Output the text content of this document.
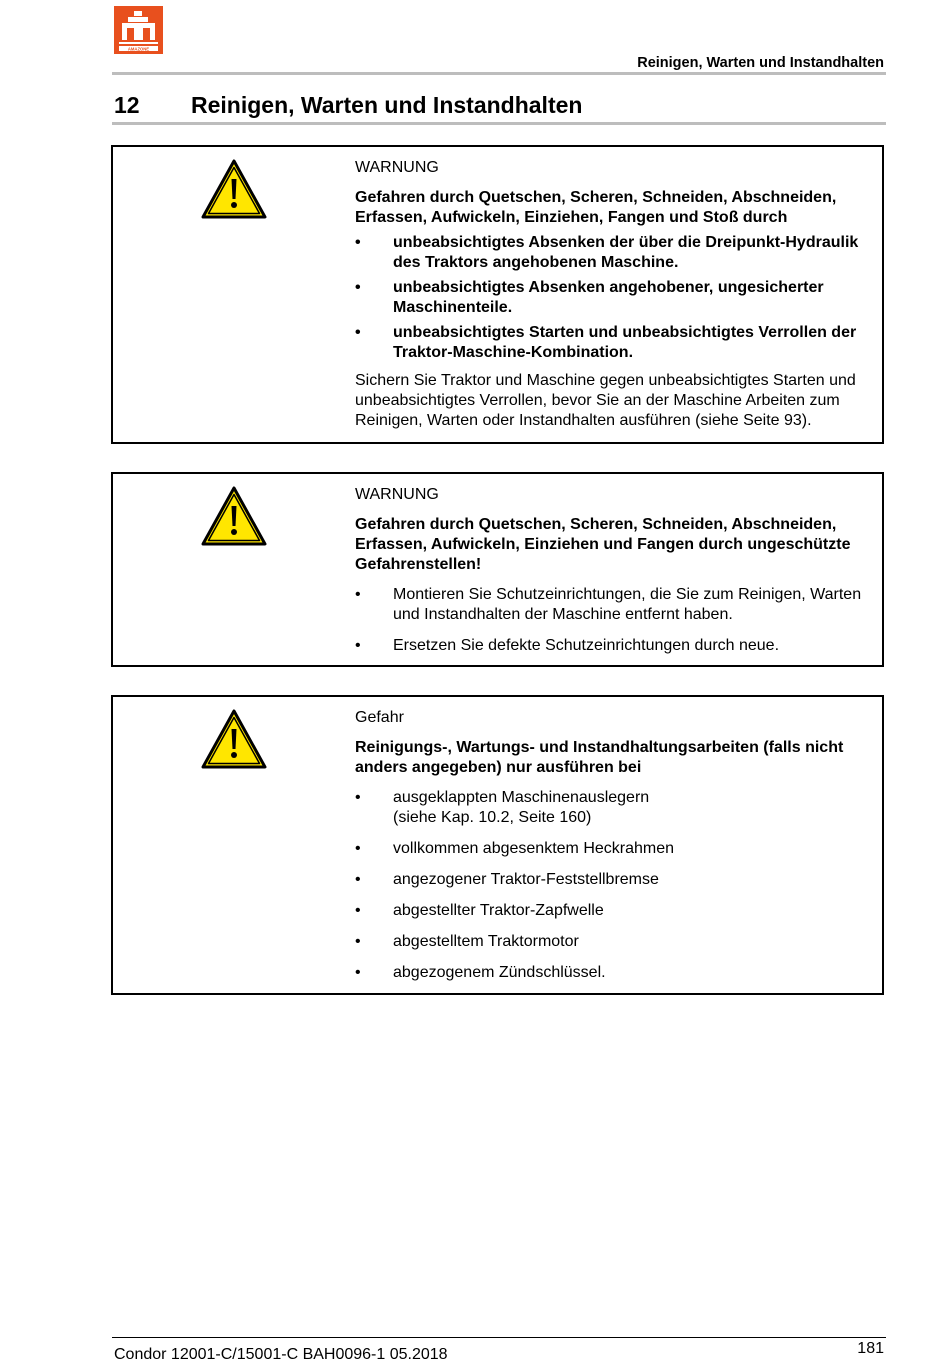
AMAZONE
Reinigen, Warten und Instandhalten
12 Reinigen, Warten und Instandhalten
WARNUNG
Gefahren durch Quetschen, Scheren, Schneiden, Abschneiden, Erfassen, Aufwickeln, Einziehen, Fangen und Stoß durch
• unbeabsichtigtes Absenken der über die Dreipunkt-Hydraulik des Traktors angehobenen Maschine.
• unbeabsichtigtes Absenken angehobener, ungesicherter Maschinenteile.
• unbeabsichtigtes Starten und unbeabsichtigtes Verrollen der Traktor-Maschine-Kombination.
Sichern Sie Traktor und Maschine gegen unbeabsichtigtes Starten und unbeabsichtigtes Verrollen, bevor Sie an der Maschine Arbeiten zum Reinigen, Warten oder Instandhalten ausführen (siehe Seite 93).
WARNUNG
Gefahren durch Quetschen, Scheren, Schneiden, Abschneiden, Erfassen, Aufwickeln, Einziehen und Fangen durch ungeschützte Gefahrenstellen!
• Montieren Sie Schutzeinrichtungen, die Sie zum Reinigen, Warten und Instandhalten der Maschine entfernt haben.
• Ersetzen Sie defekte Schutzeinrichtungen durch neue.
Gefahr
Reinigungs-, Wartungs- und Instandhaltungsarbeiten (falls nicht anders angegeben) nur ausführen bei
• ausgeklappten Maschinenauslegern
(siehe Kap. 10.2, Seite 160)
• vollkommen abgesenktem Heckrahmen
• angezogener Traktor-Feststellbremse
• abgestellter Traktor-Zapfwelle
• abgestelltem Traktormotor
• abgezogenem Zündschlüssel.
181
Condor 12001-C/15001-C BAH0096-1 05.2018
